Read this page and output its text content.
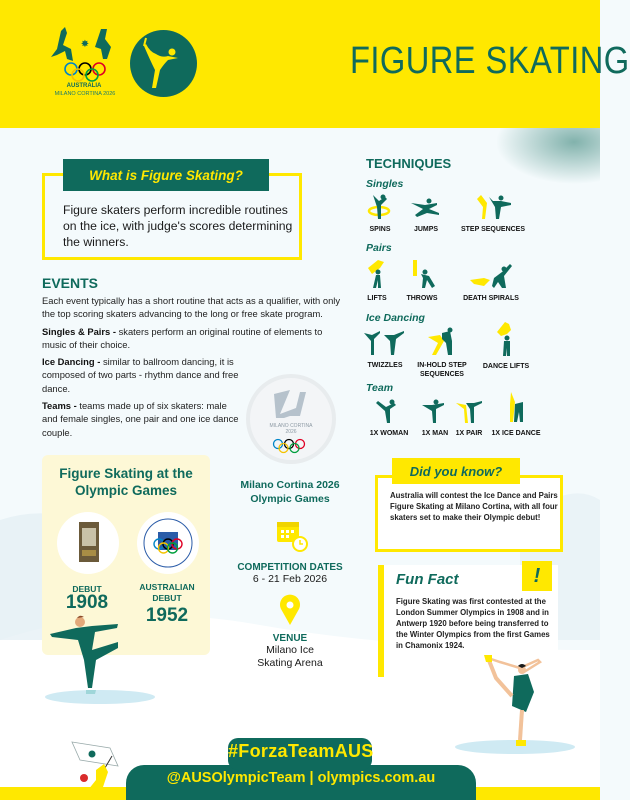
✸
AUSTRALIA
MILANO CORTINA 2026
FIGURE SKATING
What is Figure Skating?
Figure skaters perform incredible routines on the ice, with judge's scores determining the winners.
EVENTS

Each event typically has a short routine that acts as a qualifier, with only the top scoring skaters advancing to the long or free skate program.

Singles & Pairs - skaters perform an original routine of elements to music of their choice.

Ice Dancing - similar to ballroom dancing, it is composed of two parts - rhythm dance and free dance.

Teams - teams made up of six skaters: male and female singles, one pair and one ice dance couple.

MILANO CORTINA
2026
Figure Skating at the Olympic Games
DEBUT
1908
AUSTRALIAN DEBUT
1952
Milano Cortina 2026 Olympic Games
COMPETITION DATES
6 - 21 Feb 2026
VENUE
Milano Ice Skating Arena
TECHNIQUES
Singles
SPINS	JUMPS	STEP SEQUENCES
Pairs
LIFTS	THROWS	DEATH SPIRALS
Ice Dancing
TWIZZLES	IN-HOLD STEP SEQUENCES
DANCE LIFTS
Team
1X WOMAN	1X MAN	1X PAIR	1X ICE DANCE
Did you know?
Australia will contest the Ice Dance and Pairs Figure Skating at Milano Cortina, with all four skaters set to make their Olympic debut!
Fun Fact	!
Figure Skating was first contested at the London Summer Olympics in 1908 and in Antwerp 1920 before being transferred to the Winter Olympics from the first Games in Chamonix 1924.
#ForzaTeamAUS
@AUSOlympicTeam | olympics.com.au
